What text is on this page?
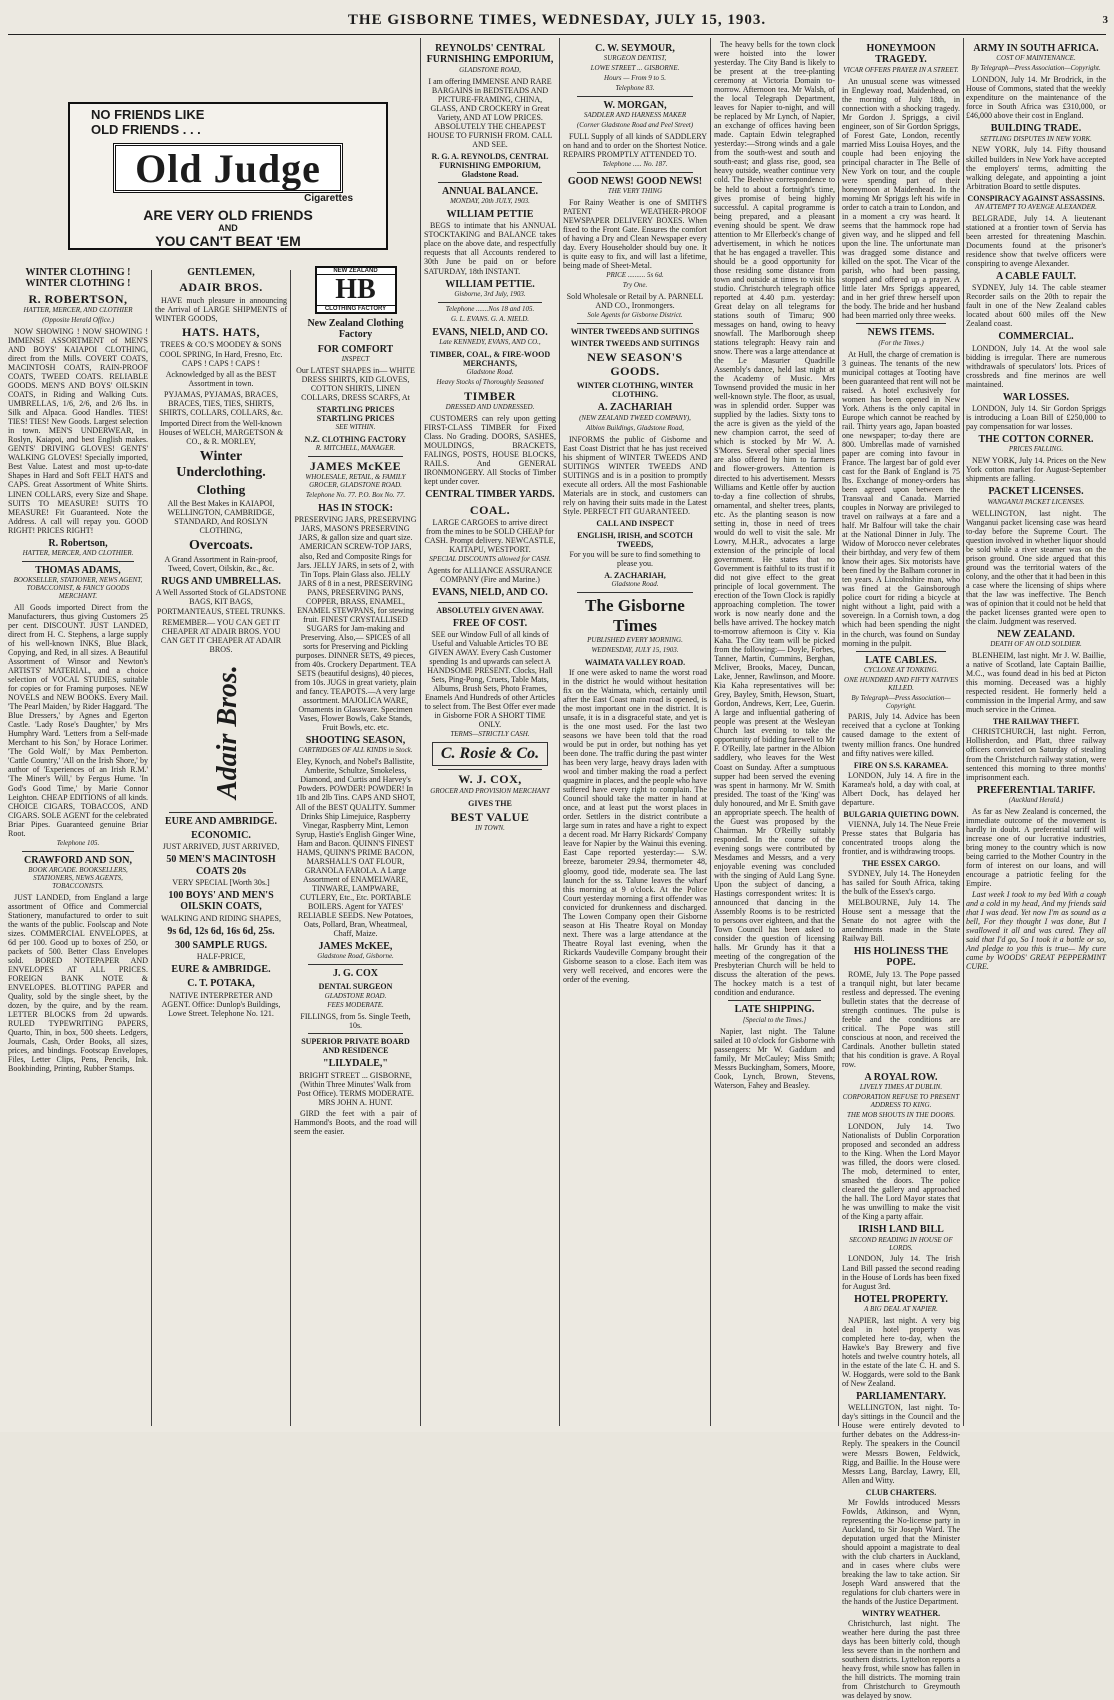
THE GISBORNE TIMES, WEDNESDAY, JULY 15, 1903.	3
NO FRIENDS LIKE
OLD FRIENDS . . .
Old Judge
Cigarettes
ARE VERY OLD FRIENDS
AND
YOU CAN'T BEAT 'EM
WINTER CLOTHING ! WINTER CLOTHING !
R. ROBERTSON,
HATTER, MERCER, AND CLOTHIER
(Opposite Herald Office.)

NOW SHOWING ! NOW SHOWING ! IMMENSE ASSORTMENT of MEN'S AND BOYS' KAIAPOI CLOTHING, direct from the Mills. COVERT COATS, MACINTOSH COATS, RAIN-PROOF COATS, TWEED COATS. RELIABLE GOODS. MEN'S AND BOYS' OILSKIN COATS, in Riding and Walking Cuts. UMBRELLAS, 1/6, 2/6, and 2/6 lbs. in Silk and Alpaca. Good Handles. TIES! TIES! TIES! New Goods. Largest selection in town. MEN'S UNDERWEAR, in Roslyn, Kaiapoi, and best English makes. GENTS' DRIVING GLOVES! GENTS' WALKING GLOVES! Specially imported, Best Value. Latest and most up-to-date Shapes in Hard and Soft FELT HATS and CAPS. Great Assortment of White Shirts. LINEN COLLARS, every Size and Shape. SUITS TO MEASURE! SUITS TO MEASURE! Fit Guaranteed. Note the Address. A call will repay you. GOOD RIGHT! PRICES RIGHT!

R. Robertson,
HATTER, MERCER, AND CLOTHIER.
THOMAS ADAMS,
BOOKSELLER, STATIONER, NEWS AGENT, TOBACCONIST, & FANCY GOODS MERCHANT.

All Goods imported Direct from the Manufacturers, thus giving Customers 25 per cent. DISCOUNT. JUST LANDED, direct from H. C. Stephens, a large supply of his well-known INKS, Blue Black, Copying, and Red, in all sizes. A Beautiful Assortment of Winsor and Newton's ARTISTS' MATERIAL, and a choice selection of VOCAL STUDIES, suitable for copies or for Framing purposes. NEW NOVELS and NEW BOOKS. Every Mail. 'The Pearl Maiden,' by Rider Haggard. 'The Blue Dressers,' by Agnes and Egerton Castle. 'Lady Rose's Daughter,' by Mrs Humphry Ward. 'Letters from a Self-made Merchant to his Son,' by Horace Lorimer. 'The Gold Wolf,' by Max Pemberton. 'Cattle Country,' 'All on the Irish Shore,' by author of 'Experiences of an Irish R.M.' 'The Miner's Will,' by Fergus Hume. 'In God's Good Time,' by Marie Connor Leighton. CHEAP EDITIONS of all kinds. CHOICE CIGARS, TOBACCOS, AND CIGARS. SOLE AGENT for the celebrated Briar Pipes. Guaranteed genuine Briar Root.

Telephone 105.
CRAWFORD AND SON,
BOOK ARCADE. BOOKSELLERS, STATIONERS, NEWS AGENTS, TOBACCONISTS.

JUST LANDED, from England a large assortment of Office and Commercial Stationery, manufactured to order to suit the wants of the public. Foolscap and Note sizes. COMMERCIAL ENVELOPES, at 6d per 100. Good up to boxes of 250, or packets of 500. Better Class Envelopes sold. BORED NOTEPAPER AND ENVELOPES AT ALL PRICES. FOREIGN BANK NOTE & ENVELOPES. BLOTTING PAPER and Quality, sold by the single sheet, by the dozen, by the quire, and by the ream. LETTER BLOCKS from 2d upwards. RULED TYPEWRITING PAPERS, Quarto, Thin, in box, 500 sheets. Ledgers, Journals, Cash, Order Books, all sizes, prices, and bindings. Footscap Envelopes, Files, Letter Clips, Pens, Pencils, Ink. Bookbinding, Printing, Rubber Stamps.

GENTLEMEN,
ADAIR BROS.

HAVE much pleasure in announcing the Arrival of LARGE SHIPMENTS of WINTER GOODS,

HATS. HATS,

TREES & CO.'S MOODEY & SONS COOL SPRING, In Hard, Fresno, Etc. CAPS ! CAPS ! CAPS !

Acknowledged by all as the BEST Assortment in town.

PYJAMAS, PYJAMAS, BRACES, BRACES, TIES, TIES, SHIRTS, SHIRTS, COLLARS, COLLARS, &c.

Imported Direct from the Well-known Houses of WELCH, MARGETSON & CO., & R. MORLEY,

Winter Underclothing.
Clothing

All the Best Makes in KAIAPOI, WELLINGTON, CAMBRIDGE, STANDARD, And ROSLYN CLOTHING,

Overcoats.

A Grand Assortment in Rain-proof, Tweed, Covert, Oilskin, &c., &c.

RUGS AND UMBRELLAS.

A Well Assorted Stock of GLADSTONE BAGS, KIT BAGS, PORTMANTEAUS, STEEL TRUNKS.

REMEMBER— YOU CAN GET IT CHEAPER AT ADAIR BROS. YOU CAN GET IT CHEAPER AT ADAIR BROS.

Adair Bros.
EURE AND AMBRIDGE.
ECONOMIC.

JUST ARRIVED, JUST ARRIVED,

50 MEN'S MACINTOSH COATS 20s

VERY SPECIAL [Worth 30s.]

100 BOYS' AND MEN'S OILSKIN COATS,

WALKING AND RIDING SHAPES,

9s 6d, 12s 6d, 16s 6d, 25s.
300 SAMPLE RUGS.

HALF-PRICE,

EURE & AMBRIDGE.
C. T. POTAKA,

NATIVE INTERPRETER AND AGENT. Office: Dunlop's Buildings, Lowe Street. Telephone No. 121.

NEW ZEALAND
HB
CLOTHING FACTORY
New Zealand Clothing Factory
FOR COMFORT
INSPECT

Our LATEST SHAPES in— WHITE DRESS SHIRTS, KID GLOVES, COTTON SHIRTS, LINEN COLLARS, DRESS SCARFS, At

STARTLING PRICES STARTLING PRICES
SEE WITHIN.
N.Z. CLOTHING FACTORY
R. MITCHELL, MANAGER.
JAMES McKEE
WHOLESALE, RETAIL, & FAMILY GROCER, GLADSTONE ROAD.
Telephone No. 77. P.O. Box No. 77.
HAS IN STOCK:

PRESERVING JARS, PRESERVING JARS, MASON'S PRESERVING JARS, & gallon size and quart size. AMERICAN SCREW-TOP JARS, also, Red and Composite Rings for Jars. JELLY JARS, in sets of 2, with Tin Tops. Plain Glass also. JELLY JARS of 8 in a nest, PRESERVING PANS, PRESERVING PANS, COPPER, BRASS, ENAMEL, ENAMEL STEWPANS, for stewing fruit. FINEST CRYSTALLISED SUGARS for Jam-making and Preserving. Also,— SPICES of all sorts for Preserving and Pickling purposes. DINNER SETS, 49 pieces, from 40s. Crockery Department. TEA SETS (beautiful designs), 40 pieces, from 10s. JUGS in great variety, plain and fancy. TEAPOTS.—A very large assortment. MAJOLICA WARE, Ornaments in Glassware. Specimen Vases, Flower Bowls, Cake Stands, Fruit Bowls, etc. etc.

SHOOTING SEASON,
CARTRIDGES OF ALL KINDS in Stock.

Eley, Kynoch, and Nobel's Ballistite, Amberite, Schultze, Smokeless, Diamond, and Curtis and Harvey's Powders. POWDER! POWDER! In 1lb and 2lb Tins. CAPS AND SHOT, All of the BEST QUALITY. Summer Drinks Ship Limejuice, Raspberry Vinegar, Raspberry Mint, Lemon Syrup, Hastie's English Ginger Wine, Ham and Bacon. QUINN'S FINEST HAMS, QUINN'S PRIME BACON, MARSHALL'S OAT FLOUR, GRANOLA FAROLA. A Large Assortment of ENAMELWARE, TINWARE, LAMPWARE, CUTLERY, Etc., Etc. PORTABLE BOILERS. Agent for YATES' RELIABLE SEEDS. New Potatoes, Oats, Pollard, Bran, Wheatmeal, Chaff, Maize.

JAMES McKEE,
Gladstone Road, Gisborne.
J. G. COX
DENTAL SURGEON
GLADSTONE ROAD.
FEES MODERATE.

FILLINGS, from 5s. Single Teeth, 10s.

SUPERIOR PRIVATE BOARD AND RESIDENCE
"LILYDALE,"

BRIGHT STREET ... GISBORNE, (Within Three Minutes' Walk from Post Office). TERMS MODERATE. MRS JOHN A. HUNT.

GIRD the feet with a pair of Hammond's Boots, and the road will seem the easier.

REYNOLDS' CENTRAL FURNISHING EMPORIUM,
GLADSTONE ROAD,

I am offering IMMENSE AND RARE BARGAINS in BEDSTEADS AND PICTURE-FRAMING, CHINA, GLASS, AND CROCKERY in Great Variety, AND AT LOW PRICES. ABSOLUTELY THE CHEAPEST HOUSE TO FURNISH FROM. CALL AND SEE.

R. G. A. REYNOLDS, CENTRAL FURNISHING EMPORIUM, Gladstone Road.
ANNUAL BALANCE.
MONDAY, 20th JULY, 1903.
WILLIAM PETTIE

BEGS to intimate that his ANNUAL STOCKTAKING and BALANCE takes place on the above date, and respectfully requests that all Accounts rendered to 30th June be paid on or before SATURDAY, 18th INSTANT.

WILLIAM PETTIE.
Gisborne, 3rd July, 1903.
Telephone .......Nos 18 and 105.
G. L. EVANS. G. A. NIELD.
EVANS, NIELD, AND CO.
Late KENNEDY, EVANS, AND CO.,
TIMBER, COAL, & FIRE-WOOD MERCHANTS,
Gladstone Road.
Heavy Stocks of Thoroughly Seasoned
TIMBER
DRESSED AND UNDRESSED.

CUSTOMERS can rely upon getting FIRST-CLASS TIMBER for Fixed Class. No Grading. DOORS, SASHES, MOULDINGS, BRACKETS, FALINGS, POSTS, HOUSE BLOCKS, RAILS. And GENERAL IRONMONGERY. All Stocks of Timber kept under cover.

CENTRAL TIMBER YARDS.
COAL.

LARGE CARGOES to arrive direct from the mines to be SOLD CHEAP for CASH. Prompt delivery. NEWCASTLE, KAITAPU, WESTPORT.

SPECIAL DISCOUNTS allowed for CASH.

Agents for ALLIANCE ASSURANCE COMPANY (Fire and Marine.)

EVANS, NIELD, AND CO.
ABSOLUTELY GIVEN AWAY.
FREE OF COST.

SEE our Window Full of all kinds of Useful and Valuable Articles TO BE GIVEN AWAY. Every Cash Customer spending 1s and upwards can select A HANDSOME PRESENT. Clocks, Hall Sets, Ping-Pong, Cruets, Table Mats, Albums, Brush Sets, Photo Frames, Enamels And Hundreds of other Articles to select from. The Best Offer ever made in Gisborne FOR A SHORT TIME ONLY.

TERMS—STRICTLY CASH.
C. Rosie & Co.
W. J. COX,
GROCER AND PROVISION MERCHANT
GIVES THE
BEST VALUE
IN TOWN.
C. W. SEYMOUR,
SURGEON DENTIST,
LOWE STREET ... GISBORNE.
Hours — From 9 to 5.
Telephone 83.
W. MORGAN,
SADDLER AND HARNESS MAKER
(Corner Gladstone Road and Peel Street)

FULL Supply of all kinds of SADDLERY on hand and to order on the Shortest Notice. REPAIRS PROMPTLY ATTENDED TO.

Telephone ..... No. 187.
GOOD NEWS! GOOD NEWS!
THE VERY THING

For Rainy Weather is one of SMITH'S PATENT WEATHER-PROOF NEWSPAPER DELIVERY BOXES. When fixed to the Front Gate. Ensures the comfort of having a Dry and Clean Newspaper every day. Every Householder should buy one. It is quite easy to fix, and will last a lifetime, being made of Sheet-Metal.

PRICE .......... 5s 6d.
Try One.

Sold Wholesale or Retail by A. PARNELL AND CO., Ironmongers.

Sole Agents for Gisborne District.
WINTER TWEEDS AND SUITINGS
WINTER TWEEDS AND SUITINGS
NEW SEASON'S GOODS.
WINTER CLOTHING, WINTER CLOTHING.
A. ZACHARIAH
(NEW ZEALAND TWEED COMPANY),
Albion Buildings, Gladstone Road,

INFORMS the public of Gisborne and East Coast District that he has just received his shipment of WINTER TWEEDS AND SUITINGS WINTER TWEEDS AND SUITINGS and is in a position to promptly execute all orders. All the most Fashionable Materials are in stock, and customers can rely on having their suits made in the Latest Style. PERFECT FIT GUARANTEED.

CALL AND INSPECT
ENGLISH, IRISH, and SCOTCH TWEEDS,

For you will be sure to find something to please you.

A. ZACHARIAH,
Gladstone Road.
The Gisborne Times
PUBLISHED EVERY MORNING.
WEDNESDAY, JULY 15, 1903.
WAIMATA VALLEY ROAD.

If one were asked to name the worst road in the district he would without hesitation fix on the Waimata, which, certainly until after the East Coast main road is opened, is the most important one in the district. It is unsafe, it is in a disgraceful state, and yet is is the one most used. For the last two seasons we have been told that the road would be put in order, but nothing has yet been done. The traffic during the past winter has been very large, heavy drays laden with wool and timber making the road a perfect quagmire in places, and the people who have suffered have every right to complain. The Council should take the matter in hand at once, and at least put the worst places in order. Settlers in the district contribute a large sum in rates and have a right to expect a decent road. Mr Harry Rickards' Company leave for Napier by the Wainui this evening. East Cape reported yesterday:— S.W. breeze, barometer 29.94, thermometer 48, gloomy, good tide, moderate sea. The last launch for the ss. Talune leaves the wharf this morning at 9 o'clock. At the Police Court yesterday morning a first offender was convicted for drunkenness and discharged. The Lowen Company open their Gisborne season at His Theatre Royal on Monday next. There was a large attendance at the Theatre Royal last evening, when the Rickards Vaudeville Company brought their Gisborne season to a close. Each item was very well received, and encores were the order of the evening.

The heavy bells for the town clock were hoisted into the lower yesterday. The City Band is likely to be present at the tree-planting ceremony at Victoria Domain to-morrow. Afternoon tea. Mr Walsh, of the local Telegraph Department, leaves for Napier to-night, and will be replaced by Mr Lynch, of Napier, an exchange of offices having been made. Captain Edwin telegraphed yesterday:—Strong winds and a gale from the south-west and south and south-east; and glass rise, good, sea heavy outside, weather continue very cold. The Beehive correspondence to be held to about a fortnight's time, gives promise of being highly successful. A capital programme is being prepared, and a pleasant evening should be spent. We draw attention to Mr Ellerbeck's change of advertisement, in which he notices that he has engaged a traveller. This should be a good opportunity for those residing some distance from town and outside at times to visit his studio. Christchurch telegraph office reported at 4.40 p.m. yesterday: Great delay on all telegrams for stations south of Timaru; 900 messages on hand, owing to heavy snowfall. The Marlborough sheep stations telegraph: Heavy rain and snow. There was a large attendance at the Le Masurier Quadrille Assembly's dance, held last night at the Academy of Music. Mrs Townsend provided the music in her well-known style. The floor, as usual, was in splendid order. Supper was supplied by the ladies. Sixty tons to the acre is given as the yield of the new champion carrot, the seed of which is stocked by Mr W. A. S'Mores. Several other special lines are also offered by him to farmers and flower-growers. Attention is directed to his advertisement. Messrs Williams and Kettle offer by auction to-day a fine collection of shrubs, ornamental, and shelter trees, plants, etc. As the planting season is now setting in, those in need of trees would do well to visit the sale. Mr Lowry, M.H.R., advocates a large extension of the principle of local government. He states that no Government is faithful to its trust if it did not give effect to the great principle of local government. The erection of the Town Clock is rapidly approaching completion. The tower work is now nearly done and the bells have arrived. The hockey match to-morrow afternoon is City v. Kia Kaha. The City team will be picked from the following:— Doyle, Forbes, Tanner, Martin, Cummins, Berghan, Mcliver, Brooks, Macey, Duncan, Lake, Jenner, Rawlinson, and Moore. Kia Kaha representatives will be: Grey, Bayley, Smith, Hewson, Stuart, Gordon, Andrews, Kerr, Lee, Guerin. A large and influential gathering of people was present at the Wesleyan Church last evening to take the opportunity of bidding farewell to Mr F. O'Reilly, late partner in the Albion saddlery, who leaves for the West Coast on Sunday. After a sumptuous supper had been served the evening was spent in harmony. Mr W. Smith presided. The toast of the 'King' was duly honoured, and Mr E. Smith gave an appropriate speech. The health of the Guest was proposed by the Chairman. Mr O'Reilly suitably responded. In the course of the evening songs were contributed by Mesdames and Messrs, and a very enjoyable evening was concluded with the singing of Auld Lang Syne. Upon the subject of dancing, a Hastings correspondent writes: It is announced that dancing in the Assembly Rooms is to be restricted to persons over eighteen, and that the Town Council has been asked to consider the question of licensing halls. Mr Grundy has it that a meeting of the congregation of the Presbyterian Church will be held to discuss the alteration of the pews. The hockey match is a test of condition and endurance.

LATE SHIPPING.
[Special to the Times.]

Napier, last night. The Talune sailed at 10 o'clock for Gisborne with passengers: Mr W. Gaddum and family, Mr McCauley; Miss Smith; Messrs Buckingham, Somers, Moore, Cook, Lynch, Brown, Stevens, Waterson, Fahey and Beasley.

HONEYMOON TRAGEDY.
VICAR OFFERS PRAYER IN A STREET.

An unusual scene was witnessed in Engleway road, Maidenhead, on the morning of July 18th, in connection with a shocking tragedy. Mr Gordon J. Spriggs, a civil engineer, son of Sir Gordon Spriggs, of Forest Gate, London, recently married Miss Louisa Hoyes, and the couple had been enjoying the principal character in The Belle of New York on tour, and the couple were spending part of their honeymoon at Maidenhead. In the morning Mr Spriggs left his wife in order to catch a train to London, and in a moment a cry was heard. It seems that the hammock rope had given way, and he slipped and fell upon the line. The unfortunate man was dragged some distance and killed on the spot. The Vicar of the parish, who had been passing, stopped and offered up a prayer. A little later Mrs Spriggs appeared, and in her grief threw herself upon the body. The bride and her husband had been married only three weeks.

NEWS ITEMS.
(For the Times.)

At Hull, the charge of cremation is 3 guineas. The tenants of the new municipal cottages at Tooting have been guaranteed that rent will not be raised. A hotel exclusively for women has been opened in New York. Athens is the only capital in Europe which cannot be reached by rail. Thirty years ago, Japan boasted one newspaper; to-day there are 800. Umbrellas made of varnished paper are coming into favour in France. The largest bar of gold ever cast for the Bank of England is 75 lbs. Exchange of money-orders has been agreed upon between the Transvaal and Canada. Married couples in Norway are privileged to travel on railways at a fare and a half. Mr Balfour will take the chair at the National Dinner in July. The Widow of Morocco never celebrates their birthday, and very few of them know their ages. Six motorists have been fined by the Balham coroner in ten years. A Lincolnshire man, who was fined at the Gainsborough police court for riding a bicycle at night without a light, paid with a sovereign. In a Cornish town, a dog which had been spending the night in the church, was found on Sunday morning in the pulpit.

LATE CABLES.
CYCLONE AT TONKING.
ONE HUNDRED AND FIFTY NATIVES KILLED.
By Telegraph—Press Association—Copyright.

PARIS, July 14. Advice has been received that a cyclone at Tonking caused damage to the extent of twenty million francs. One hundred and fifty natives were killed.

FIRE ON S.S. KARAMEA.

LONDON, July 14. A fire in the Karamea's hold, a day with coal, at Albert Dock, has delayed her departure.

BULGARIA QUIETING DOWN.

VIENNA, July 14. The Neue Freie Presse states that Bulgaria has concentrated troops along the frontier, and is withdrawing troops.

THE ESSEX CARGO.

SYDNEY, July 14. The Honeyden has sailed for South Africa, taking the bulk of the Essex's cargo.

MELBOURNE, July 14. The House sent a message that the Senate do not agree with the amendments made in the State Railway Bill.

HIS HOLINESS THE POPE.

ROME, July 13. The Pope passed a tranquil night, but later became restless and depressed. The evening bulletin states that the decrease of strength continues. The pulse is feeble and the conditions are critical. The Pope was still conscious at noon, and received the Cardinals. Another bulletin stated that his condition is grave. A Royal row.

A ROYAL ROW.
LIVELY TIMES AT DUBLIN.
CORPORATION REFUSE TO PRESENT ADDRESS TO KING.
THE MOB SHOUTS IN THE DOORS.

LONDON, July 14. Two Nationalists of Dublin Corporation proposed and seconded an address to the King. When the Lord Mayor was filled, the doors were closed. The mob, determined to enter, smashed the doors. The police cleared the gallery and approached the hall. The Lord Mayor states that he was unwilling to make the visit of the King a party affair.

IRISH LAND BILL
SECOND READING IN HOUSE OF LORDS.

LONDON, July 14. The Irish Land Bill passed the second reading in the House of Lords has been fixed for August 3rd.

HOTEL PROPERTY.
A BIG DEAL AT NAPIER.

NAPIER, last night. A very big deal in hotel property was completed here to-day, when the Hawke's Bay Brewery and five hotels and twelve country hotels, all in the estate of the late C. H. and S. W. Hoggards, were sold to the Bank of New Zealand.

PARLIAMENTARY.

WELLINGTON, last night. To-day's sittings in the Council and the House were entirely devoted to further debates on the Address-in-Reply. The speakers in the Council were Messrs Bowen, Feldwick, Rigg, and Baillie. In the House were Messrs Lang, Barclay, Lawry, Ell, Allen and Witty.

CLUB CHARTERS.

Mr Fowlds introduced Messrs Fowlds, Atkinson, and Wynn, representing the No-license party in Auckland, to Sir Joseph Ward. The deputation urged that the Minister should appoint a magistrate to deal with the club charters in Auckland, and in cases where clubs were breaking the law to take action. Sir Joseph Ward answered that the regulations for club charters were in the hands of the Justice Department.

WINTRY WEATHER.

Christchurch, last night. The weather here during the past three days has been bitterly cold, though less severe than in the northern and southern districts. Lyttelton reports a heavy frost, while snow has fallen in the hill districts. The morning train from Christchurch to Greymouth was delayed by snow.

ARMY IN SOUTH AFRICA.
COST OF MAINTENANCE.
By Telegraph—Press Association—Copyright.

LONDON, July 14. Mr Brodrick, in the House of Commons, stated that the weekly expenditure on the maintenance of the force in South Africa was £310,000, or £46,000 above their cost in England.

BUILDING TRADE.
SETTLING DISPUTES IN NEW YORK.

NEW YORK, July 14. Fifty thousand skilled builders in New York have accepted the employers' terms, admitting the walking delegate, and appointing a joint Arbitration Board to settle disputes.

CONSPIRACY AGAINST ASSASSINS.
AN ATTEMPT TO AVENGE ALEXANDER.

BELGRADE, July 14. A lieutenant stationed at a frontier town of Servia has been arrested for threatening Maschin. Documents found at the prisoner's residence show that twelve officers were conspiring to avenge Alexander.

A CABLE FAULT.

SYDNEY, July 14. The cable steamer Recorder sails on the 20th to repair the fault in one of the New Zealand cables located about 600 miles off the New Zealand coast.

COMMERCIAL.

LONDON, July 14. At the wool sale bidding is irregular. There are numerous withdrawals of speculators' lots. Prices of crossbreds and fine merinos are well maintained.

WAR LOSSES.

LONDON, July 14. Sir Gordon Spriggs is introducing a Loan Bill of £250,000 to pay compensation for war losses.

THE COTTON CORNER.
PRICES FALLING.

NEW YORK, July 14. Prices on the New York cotton market for August-September shipments are falling.

PACKET LICENSES.
WANGANUI PACKET LICENSES.

WELLINGTON, last night. The Wanganui packet licensing case was heard to-day before the Supreme Court. The question involved in whether liquor should be sold while a river steamer was on the prison ground. One side argued that this ground was the territorial waters of the colony, and the other that it had been in this a case where the licensing of ships where that the law was ineffective. The Bench was of opinion that it could not be held that the packet licenses granted were open to the claim. Judgment was reserved.

NEW ZEALAND.
DEATH OF AN OLD SOLDIER.

BLENHEIM, last night. Mr J. W. Baillie, a native of Scotland, late Captain Baillie, M.C., was found dead in his bed at Picton this morning. Deceased was a highly respected resident. He formerly held a commission in the Imperial Army, and saw much service in the Crimea.

THE RAILWAY THEFT.

CHRISTCHURCH, last night. Ferron, Hollisherdon, and Platt, three railway officers convicted on Saturday of stealing from the Christchurch railway station, were sentenced this morning to three months' imprisonment each.

PREFERENTIAL TARIFF.
(Auckland Herald.)

As far as New Zealand is concerned, the immediate outcome of the movement is hardly in doubt. A preferential tariff will increase one of our lucrative industries, bring money to the country which is now being carried to the Mother Country in the form of interest on our loans, and will encourage a patriotic feeling for the Empire.

Last week I took to my bed With a cough and a cold in my head, And my friends said that I was dead. Yet now I'm as sound as a bell, For they thought I was done, But I swallowed it all and was cured. They all said that I'd go, So I took it a bottle or so, And pledge to you this is true— My cure came by WOODS' GREAT PEPPERMINT CURE.
